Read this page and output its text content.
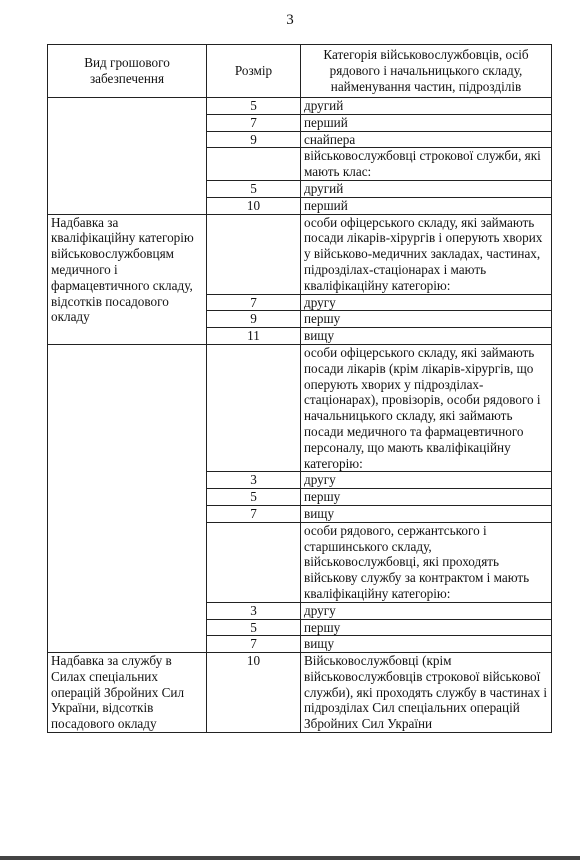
3
Вид грошового забезпечення	Розмір	Категорія військовослужбовців, осіб рядового і начальницького складу, найменування частин, підрозділів
	5	другий
	7	перший
	9	снайпера
		військовослужбовці строкової служби, які мають клас:
	5	другий
	10	перший
Надбавка за кваліфікаційну категорію військовослужбовцям медичного і фармацевтичного складу, відсотків посадового окладу		особи офіцерського складу, які займають посади лікарів-хірургів і оперують хворих у військово-медичних закладах, частинах, підрозділах-стаціонарах і мають кваліфікаційну категорію:
	7	другу
	9	першу
	11	вищу
		особи офіцерського складу, які займають посади лікарів (крім лікарів-хірургів, що оперують хворих у підрозділах-стаціонарах), провізорів, особи рядового і начальницького складу, які займають посади медичного та фармацевтичного персоналу, що мають кваліфікаційну категорію:
	3	другу
	5	першу
	7	вищу
		особи рядового, сержантського і старшинського складу, військовослужбовці, які проходять військову службу за контрактом і мають кваліфікаційну категорію:
	3	другу
	5	першу
	7	вищу
Надбавка за службу в Силах спеціальних операцій Збройних Сил України, відсотків посадового окладу	10	Військовослужбовці (крім військовослужбовців строкової військової служби), які проходять службу в частинах і підрозділах Сил спеціальних операцій Збройних Сил України
